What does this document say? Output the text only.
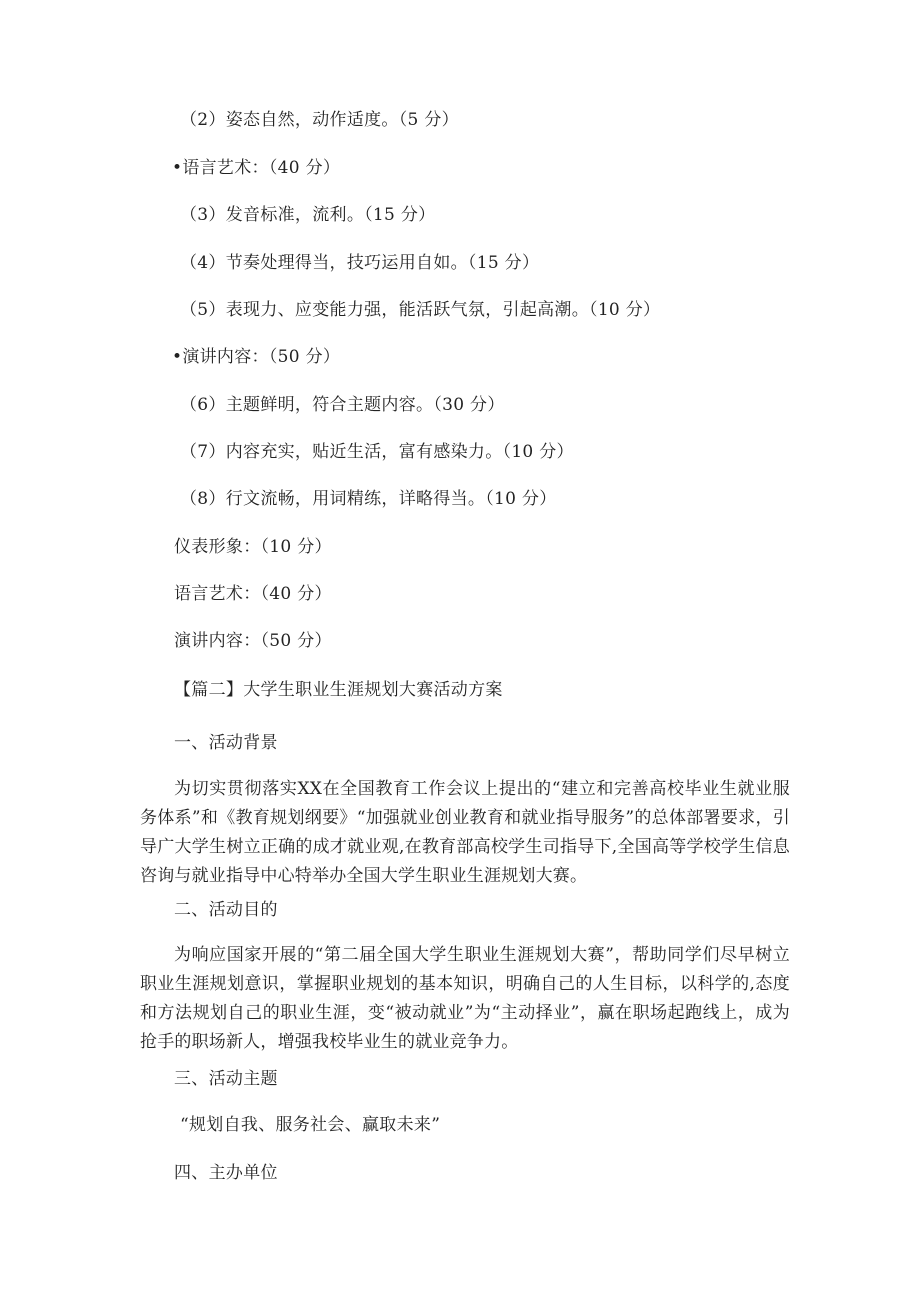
（2）姿态自然，动作适度。（5 分）
•语言艺术：（40 分）
（3）发音标准，流利。（15 分）
（4）节奏处理得当，技巧运用自如。（15 分）
（5）表现力、应变能力强，能活跃气氛，引起高潮。（10 分）
•演讲内容：（50 分）
（6）主题鲜明，符合主题内容。（30 分）
（7）内容充实，贴近生活，富有感染力。（10 分）
（8）行文流畅，用词精练，详略得当。（10 分）
仪表形象：（10 分）
语言艺术：（40 分）
演讲内容：（50 分）
【篇二】大学生职业生涯规划大赛活动方案
一、活动背景
为切实贯彻落实XX在全国教育工作会议上提出的“建立和完善高校毕业生就业服务体系”和《教育规划纲要》“加强就业创业教育和就业指导服务”的总体部署要求，引导广大学生树立正确的成才就业观,在教育部高校学生司指导下,全国高等学校学生信息咨询与就业指导中心特举办全国大学生职业生涯规划大赛。
二、活动目的
为响应国家开展的“第二届全国大学生职业生涯规划大赛”，帮助同学们尽早树立职业生涯规划意识，掌握职业规划的基本知识，明确自己的人生目标，以科学的,态度和方法规划自己的职业生涯，变“被动就业”为“主动择业”，赢在职场起跑线上，成为抢手的职场新人，增强我校毕业生的就业竞争力。
三、活动主题
“规划自我、服务社会、赢取未来”
四、主办单位
